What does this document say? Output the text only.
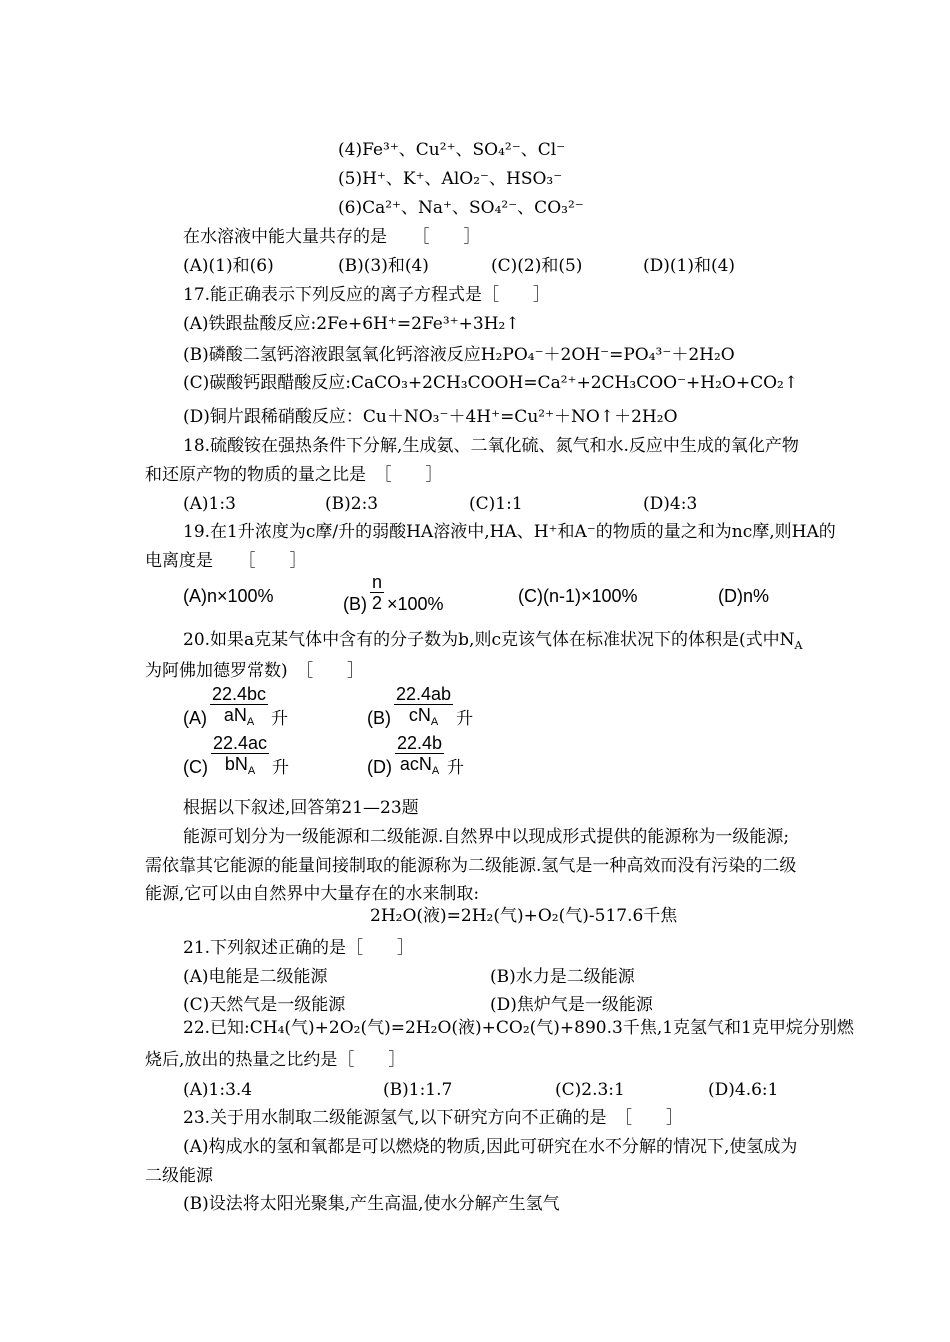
(4)Fe³⁺、Cu²⁺、SO₄²⁻、Cl⁻
(5)H⁺、K⁺、AlO₂⁻、HSO₃⁻
(6)Ca²⁺、Na⁺、SO₄²⁻、CO₃²⁻
在水溶液中能大量共存的是　　［　　］
(A)(1)和(6)	(B)(3)和(4)	(C)(2)和(5)	(D)(1)和(4)
17.能正确表示下列反应的离子方程式是［　　］
(A)铁跟盐酸反应:2Fe+6H⁺=2Fe³⁺+3H₂↑
(B)磷酸二氢钙溶液跟氢氧化钙溶液反应H₂PO₄⁻＋2OH⁻=PO₄³⁻＋2H₂O
(C)碳酸钙跟醋酸反应:CaCO₃+2CH₃COOH=Ca²⁺+2CH₃COO⁻+H₂O+CO₂↑
(D)铜片跟稀硝酸反应：Cu＋NO₃⁻＋4H⁺=Cu²⁺＋NO↑＋2H₂O
18.硫酸铵在强热条件下分解,生成氨、二氧化硫、氮气和水.反应中生成的氧化产物
和还原产物的物质的量之比是　［　　］
(A)1:3	(B)2:3	(C)1:1	(D)4:3
19.在1升浓度为c摩/升的弱酸HA溶液中,HA、H⁺和A⁻的物质的量之和为nc摩,则HA的
电离度是　　［　　］
(A)n×100%	$(B) \frac{n}{2} \times 100\%$	(C)(n-1)×100%	(D)n%
20.如果a克某气体中含有的分子数为b,则c克该气体在标准状况下的体积是(式中$N_A$
为阿佛加德罗常数)　［　　］
$(A) \frac{22.4bc}{aN_A}$ 升	$(B) \frac{22.4ab}{cN_A}$ 升
$(C) \frac{22.4ac}{bN_A}$ 升	$(D) \frac{22.4b}{acN_A}$ 升
根据以下叙述,回答第21—23题
能源可划分为一级能源和二级能源.自然界中以现成形式提供的能源称为一级能源;
需依靠其它能源的能量间接制取的能源称为二级能源.氢气是一种高效而没有污染的二级
能源,它可以由自然界中大量存在的水来制取:
2H₂O(液)=2H₂(气)+O₂(气)-517.6千焦
21.下列叙述正确的是［　　］
(A)电能是二级能源	(B)水力是二级能源
(C)天然气是一级能源	(D)焦炉气是一级能源
22.已知:CH₄(气)+2O₂(气)=2H₂O(液)+CO₂(气)+890.3千焦,1克氢气和1克甲烷分别燃
烧后,放出的热量之比约是［　　］
(A)1:3.4	(B)1:1.7	(C)2.3:1	(D)4.6:1
23.关于用水制取二级能源氢气,以下研究方向不正确的是　［　　］
(A)构成水的氢和氧都是可以燃烧的物质,因此可研究在水不分解的情况下,使氢成为
二级能源
(B)设法将太阳光聚集,产生高温,使水分解产生氢气
